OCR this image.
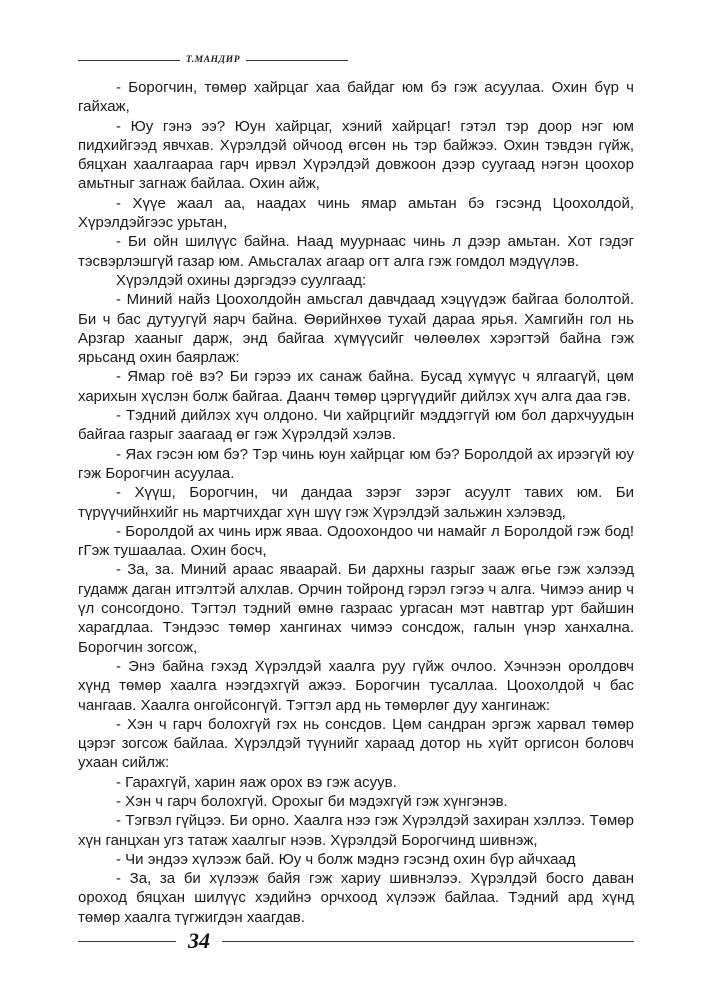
Т.МАНДИР

- Борогчин, төмөр хайрцаг хаа байдаг юм бэ гэж асуулаа. Охин бүр ч гайхаж,

- Юу гэнэ ээ? Юун хайрцаг, хэний хайрцаг! гэтэл тэр доор нэг юм пидхийгээд явчхав. Хүрэлдэй ойчоод өгсөн нь тэр байжээ. Охин тэвдэн гүйж, бяцхан хаалгаараа гарч ирвэл Хүрэлдэй довжоон дээр суугаад нэгэн цоохор амьтныг загнаж байлаа. Охин айж,

- Хүүе жаал аа, наадах чинь ямар амьтан бэ гэсэнд Цоохолдой, Хүрэлдэйгээс урьтан,

- Би ойн шилүүс байна. Наад муурнаас чинь л дээр амьтан. Хот гэдэг тэсвэрлэшгүй газар юм. Амьсгалах агаар огт алга гэж гомдол мэдүүлэв.

Хүрэлдэй охины дэргэдээ суулгаад:

- Миний найз Цоохолдойн амьсгал давчдаад хэцүүдэж байгаа бололтой. Би ч бас дутуугүй яарч байна. Өөрийнхөө тухай дараа ярья. Хамгийн гол нь Арзгар хааныг дарж, энд байгаа хүмүүсийг чөлөөлөх хэрэгтэй байна гэж ярьсанд охин баярлаж:

- Ямар гоё вэ? Би гэрээ их санаж байна. Бусад хүмүүс ч ялгаагүй, цөм харихын хүслэн болж байгаа. Даанч төмөр цэргүүдийг дийлэх хүч алга даа гэв.

- Тэдний дийлэх хүч олдоно. Чи хайрцгийг мэддэггүй юм бол дархчуудын байгаа газрыг заагаад өг гэж Хүрэлдэй хэлэв.

- Яах гэсэн юм бэ? Тэр чинь юун хайрцаг юм бэ? Боролдой ах ирээгүй юу гэж Борогчин асуулаа.

- Хүүш, Борогчин, чи дандаа зэрэг зэрэг асуулт тавих юм. Би түрүүчийнхийг нь мартчихдаг хүн шүү гэж Хүрэлдэй зальжин хэлэвэд,

- Боролдой ах чинь ирж яваа. Одоохондоо чи намайг л Боролдой гэж бод! гГэж тушаалаа. Охин босч,

- За, за. Миний араас яваарай. Би дархны газрыг зааж өгье гэж хэлээд гудамж даган итгэлтэй алхлав. Орчин тойронд гэрэл гэгээ ч алга. Чимээ анир ч үл сонсогдоно. Тэгтэл тэдний өмнө газраас ургасан мэт навтгар урт байшин харагдлаа. Тэндээс төмөр хангинах чимээ сонсдож, галын үнэр ханхална. Борогчин зогсож,

- Энэ байна гэхэд Хүрэлдэй хаалга руу гүйж очлоо. Хэчнээн оролдовч хүнд төмөр хаалга нээгдэхгүй ажээ. Борогчин тусаллаа. Цоохолдой ч бас чангаав. Хаалга онгойсонгүй. Тэгтэл ард нь төмөрлөг дуу хангинаж:

- Хэн ч гарч болохгүй гэх нь сонсдов. Цөм сандран эргэж харвал төмөр цэрэг зогсож байлаа. Хүрэлдэй түүнийг хараад дотор нь хүйт оргисон боловч ухаан сийлж:

- Гарахгүй, харин яаж орох вэ гэж асуув.

- Хэн ч гарч болохгүй. Орохыг би мэдэхгүй гэж хүнгэнэв.

- Тэгвэл гүйцээ. Би орно. Хаалга нээ гэж Хүрэлдэй захиран хэллээ. Төмөр хүн ганцхан угз татаж хаалгыг нээв. Хүрэлдэй Борогчинд шивнэж,

- Чи эндээ хүлээж бай. Юу ч болж мэднэ гэсэнд охин бүр айчхаад

- За, за би хүлээж байя гэж хариу шивнэлээ. Хүрэлдэй босго даван ороход бяцхан шилүүс хэдийнэ орчхоод хүлээж байлаа. Тэдний ард хүнд төмөр хаалга түгжигдэн хаагдав.

34
